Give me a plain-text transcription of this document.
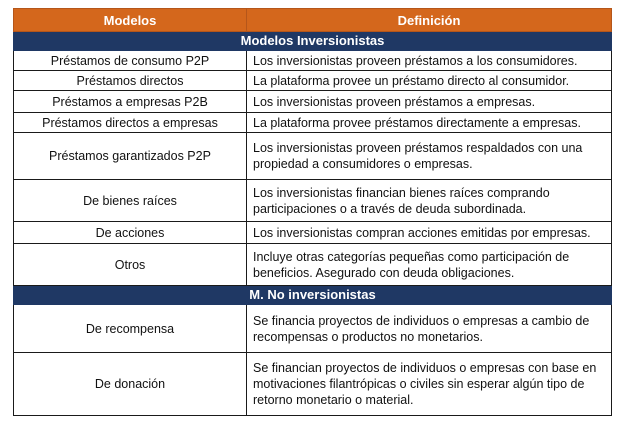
Modelos	Definición
Modelos Inversionistas	
Préstamos de consumo P2P	Los inversionistas proveen préstamos a los consumidores.
Préstamos directos	La plataforma provee un préstamo directo al consumidor.
Préstamos a empresas P2B	Los inversionistas proveen préstamos a empresas.
Préstamos directos a empresas	La plataforma provee préstamos directamente a empresas.
Préstamos garantizados P2P	Los inversionistas proveen préstamos respaldados con una propiedad a consumidores o empresas.
De bienes raíces	Los inversionistas financian bienes raíces comprando participaciones o a través de deuda subordinada.
De acciones	Los inversionistas compran acciones emitidas por empresas.
Otros	Incluye otras categorías pequeñas como participación de beneficios. Asegurado con deuda obligaciones.
M. No inversionistas	
De recompensa	Se financia proyectos de individuos o empresas a cambio de recompensas o productos no monetarios.
De donación	Se financian proyectos de individuos o empresas con base en motivaciones filantrópicas o civiles sin esperar algún tipo de retorno monetario o material.
